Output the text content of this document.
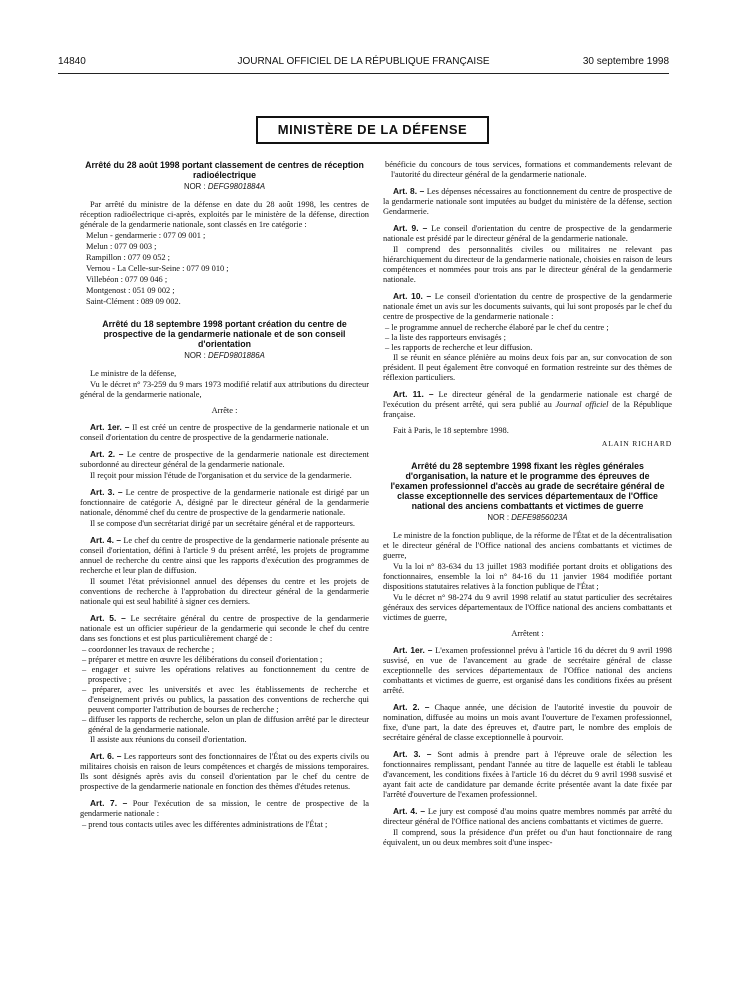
14840	JOURNAL OFFICIEL DE LA RÉPUBLIQUE FRANÇAISE	30 septembre 1998
MINISTÈRE DE LA DÉFENSE
Arrêté du 28 août 1998 portant classement de centres de réception radioélectrique
NOR : DEFG9801884A

Par arrêté du ministre de la défense en date du 28 août 1998, les centres de réception radioélectrique ci-après, exploités par le ministère de la défense, direction générale de la gendarmerie nationale, sont classés en 1re catégorie :

Melun - gendarmerie : 077 09 001 ;

Melun : 077 09 003 ;

Rampillon : 077 09 052 ;

Vernou - La Celle-sur-Seine : 077 09 010 ;

Villebéon : 077 09 046 ;

Montgenost : 051 09 002 ;

Saint-Clément : 089 09 002.

Arrêté du 18 septembre 1998 portant création du centre de prospective de la gendarmerie nationale et de son conseil d'orientation
NOR : DEFD9801886A

Le ministre de la défense,

Vu le décret n° 73-259 du 9 mars 1973 modifié relatif aux attributions du directeur général de la gendarmerie nationale,

Arrête :

Art. 1er. – Il est créé un centre de prospective de la gendarmerie nationale et un conseil d'orientation du centre de prospective de la gendarmerie nationale.

Art. 2. – Le centre de prospective de la gendarmerie nationale est directement subordonné au directeur général de la gendarmerie nationale.

Il reçoit pour mission l'étude de l'organisation et du service de la gendarmerie.

Art. 3. – Le centre de prospective de la gendarmerie nationale est dirigé par un fonctionnaire de catégorie A, désigné par le directeur général de la gendarmerie nationale, dénommé chef du centre de prospective de la gendarmerie nationale.

Il se compose d'un secrétariat dirigé par un secrétaire général et de rapporteurs.

Art. 4. – Le chef du centre de prospective de la gendarmerie nationale présente au conseil d'orientation, défini à l'article 9 du présent arrêté, les projets de programme annuel de recherche du centre ainsi que les rapports d'exécution des programmes de recherche et leur plan de diffusion.

Il soumet l'état prévisionnel annuel des dépenses du centre et les projets de conventions de recherche à l'approbation du directeur général de la gendarmerie nationale qui est seul habilité à signer ces derniers.

Art. 5. – Le secrétaire général du centre de prospective de la gendarmerie nationale est un officier supérieur de la gendarmerie qui seconde le chef du centre dans ses fonctions et est plus particulièrement chargé de :

– coordonner les travaux de recherche ;
– préparer et mettre en œuvre les délibérations du conseil d'orientation ;
– engager et suivre les opérations relatives au fonctionnement du centre de prospective ;
– préparer, avec les universités et avec les établissements de recherche et d'enseignement privés ou publics, la passation des conventions de recherche qui peuvent comporter l'attribution de bourses de recherche ;
– diffuser les rapports de recherche, selon un plan de diffusion arrêté par le directeur général de la gendarmerie nationale.

Il assiste aux réunions du conseil d'orientation.

Art. 6. – Les rapporteurs sont des fonctionnaires de l'État ou des experts civils ou militaires choisis en raison de leurs compétences et chargés de missions temporaires. Ils sont désignés après avis du conseil d'orientation par le chef du centre de prospective de la gendarmerie nationale en fonction des thèmes d'études retenus.

Art. 7. – Pour l'exécution de sa mission, le centre de prospective de la gendarmerie nationale :

– prend tous contacts utiles avec les différentes administrations de l'État ;
bénéficie du concours de tous services, formations et commandements relevant de l'autorité du directeur général de la gendarmerie nationale.

Art. 8. – Les dépenses nécessaires au fonctionnement du centre de prospective de la gendarmerie nationale sont imputées au budget du ministère de la défense, section Gendarmerie.

Art. 9. – Le conseil d'orientation du centre de prospective de la gendarmerie nationale est présidé par le directeur général de la gendarmerie nationale.

Il comprend des personnalités civiles ou militaires ne relevant pas hiérarchiquement du directeur de la gendarmerie nationale, choisies en raison de leurs compétences et nommées pour trois ans par le directeur général de la gendarmerie nationale.

Art. 10. – Le conseil d'orientation du centre de prospective de la gendarmerie nationale émet un avis sur les documents suivants, qui lui sont proposés par le chef du centre de prospective de la gendarmerie nationale :

– le programme annuel de recherche élaboré par le chef du centre ;
– la liste des rapporteurs envisagés ;
– les rapports de recherche et leur diffusion.

Il se réunit en séance plénière au moins deux fois par an, sur convocation de son président. Il peut également être convoqué en formation restreinte sur des thèmes de réflexion particuliers.

Art. 11. – Le directeur général de la gendarmerie nationale est chargé de l'exécution du présent arrêté, qui sera publié au Journal officiel de la République française.

Fait à Paris, le 18 septembre 1998.

ALAIN RICHARD
Arrêté du 28 septembre 1998 fixant les règles générales d'organisation, la nature et le programme des épreuves de l'examen professionnel d'accès au grade de secrétaire général de classe exceptionnelle des services départementaux de l'Office national des anciens combattants et victimes de guerre
NOR : DEFE9856023A

Le ministre de la fonction publique, de la réforme de l'État et de la décentralisation et le directeur général de l'Office national des anciens combattants et victimes de guerre,

Vu la loi n° 83-634 du 13 juillet 1983 modifiée portant droits et obligations des fonctionnaires, ensemble la loi n° 84-16 du 11 janvier 1984 modifiée portant dispositions statutaires relatives à la fonction publique de l'État ;

Vu le décret n° 98-274 du 9 avril 1998 relatif au statut particulier des secrétaires généraux des services départementaux de l'Office national des anciens combattants et victimes de guerre,

Arrêtent :

Art. 1er. – L'examen professionnel prévu à l'article 16 du décret du 9 avril 1998 susvisé, en vue de l'avancement au grade de secrétaire général de classe exceptionnelle des services départementaux de l'Office national des anciens combattants et victimes de guerre, est organisé dans les conditions fixées au présent arrêté.

Art. 2. – Chaque année, une décision de l'autorité investie du pouvoir de nomination, diffusée au moins un mois avant l'ouverture de l'examen professionnel, fixe, d'une part, la date des épreuves et, d'autre part, le nombre des emplois de secrétaire général de classe exceptionnelle à pourvoir.

Art. 3. – Sont admis à prendre part à l'épreuve orale de sélection les fonctionnaires remplissant, pendant l'année au titre de laquelle est établi le tableau d'avancement, les conditions fixées à l'article 16 du décret du 9 avril 1998 susvisé et ayant fait acte de candidature par demande écrite présentée avant la date fixée par l'arrêté d'ouverture de l'examen professionnel.

Art. 4. – Le jury est composé d'au moins quatre membres nommés par arrêté du directeur général de l'Office national des anciens combattants et victimes de guerre.

Il comprend, sous la présidence d'un préfet ou d'un haut fonctionnaire de rang équivalent, un ou deux membres soit d'une inspec-
